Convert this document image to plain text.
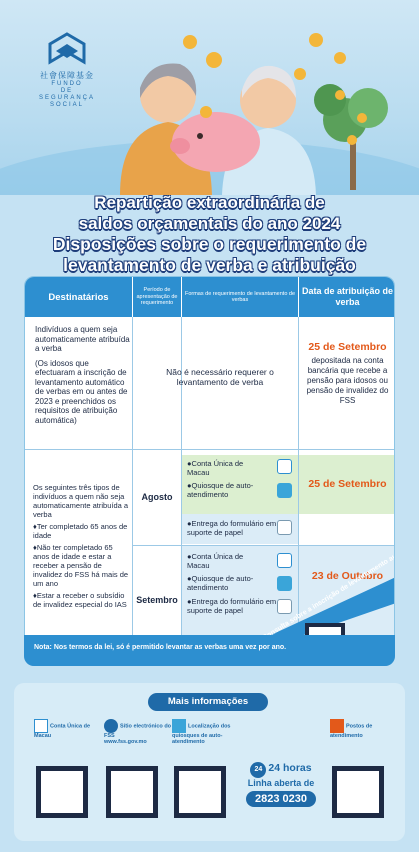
社會保障基金
FUNDO
DE SEGURANÇA
SOCIAL
Repartição extraordinária de
saldos orçamentais do ano 2024
Disposições sobre o requerimento de
levantamento de verba e atribuição
Destinatários
Período de apresentação de requerimento
Formas de requerimento de levantamento de verbas
Data de atribuição de verba

Indivíduos a quem seja automaticamente atribuída a verba

(Os idosos que efectuaram a inscrição de levantamento automático de verbas em ou antes de 2023 e preenchidos os requisitos de atribuição automática)

Não é necessário requerer o levantamento de verba
25 de Setembro
depositada na conta bancária que recebe a pensão para idosos ou pensão de invalidez do FSS

Os seguintes três tipos de indivíduos a quem não seja automaticamente atribuída a verba

♦Ter completado 65 anos de idade

♦Não ter completado 65 anos de idade e estar a receber a pensão de invalidez do FSS há mais de um ano

♦Estar a receber o subsídio de invalidez especial do IAS

Agosto
Setembro
●Conta Única de Macau
●Quiosque de auto-atendimento
●Entrega do formulário em suporte de papel
●Conta Única de Macau
●Quiosque de auto-atendimento
●Entrega do formulário em suporte de papel
25 de Setembro
23 de Outubro
Nota: Nos termos da lei, só é permitido levantar as verbas uma vez por ano.
Mais informações
Conta Única de Macau
Sítio electrónico do FSS
www.fss.gov.mo
Localização dos quiosques de auto-atendimento
Postos de atendimento
24 24 horas
Linha aberta de
2823 0230
